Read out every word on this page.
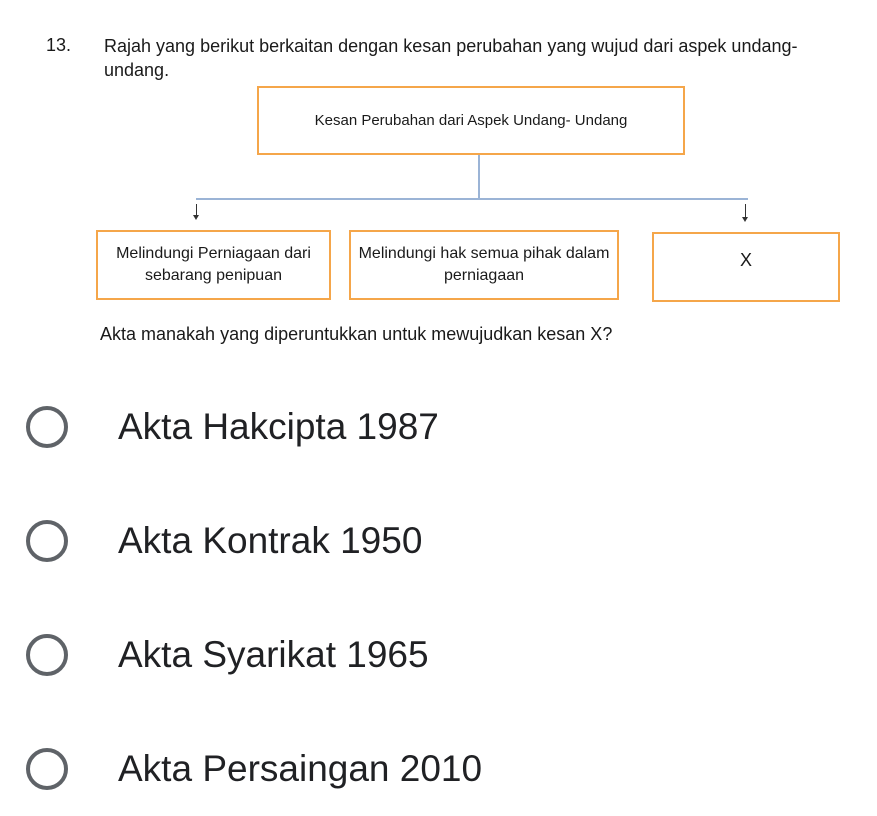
13. Rajah yang berikut berkaitan dengan kesan perubahan yang wujud dari aspek undang- undang.
Kesan Perubahan dari Aspek Undang- Undang
Melindungi Perniagaan dari sebarang penipuan
Melindungi hak semua pihak dalam perniagaan
X
Akta manakah yang diperuntukkan untuk mewujudkan kesan X?
Akta Hakcipta 1987
Akta Kontrak 1950
Akta Syarikat 1965
Akta Persaingan 2010
